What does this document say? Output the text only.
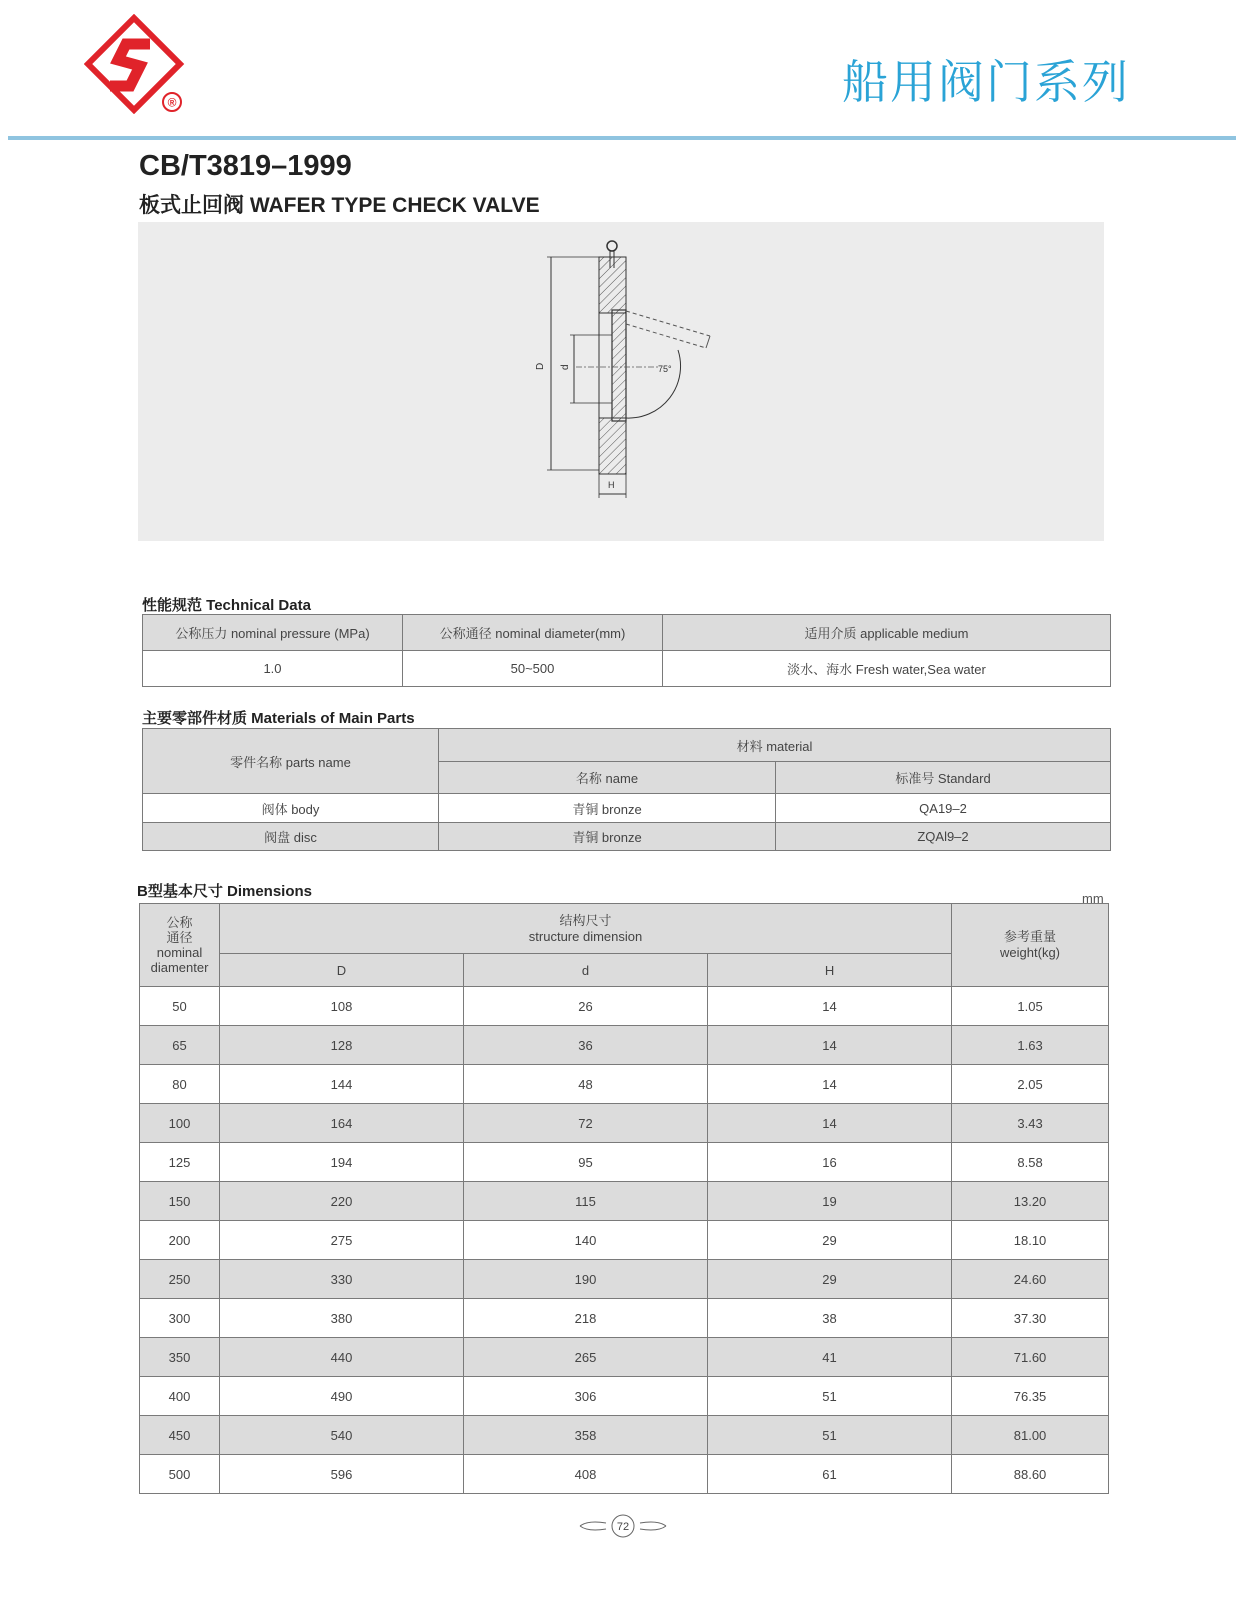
®	船用阀门系列
CB/T3819–1999
板式止回阀 WAFER TYPE CHECK VALVE
75°
D d
H
性能规范 Technical Data
公称压力 nominal pressure (MPa)	公称通径 nominal diameter(mm)	适用介质 applicable medium
1.0	50~500	淡水、海水 Fresh water,Sea water
主要零部件材质 Materials of Main Parts
零件名称 parts name	材料 material	
	名称 name	标准号 Standard
阀体 body	青铜 bronze	QA19–2
阀盘 disc	青铜 bronze	ZQAl9–2
B型基本尺寸 Dimensions	mm
公称
通径
nominal
diamenter	结构尺寸
structure dimension			参考重量
weight(kg)
	D	d	H	
50	108	26	14	1.05
65	128	36	14	1.63
80	144	48	14	2.05
100	164	72	14	3.43
125	194	95	16	8.58
150	220	115	19	13.20
200	275	140	29	18.10
250	330	190	29	24.60
300	380	218	38	37.30
350	440	265	41	71.60
400	490	306	51	76.35
450	540	358	51	81.00
500	596	408	61	88.60
72
